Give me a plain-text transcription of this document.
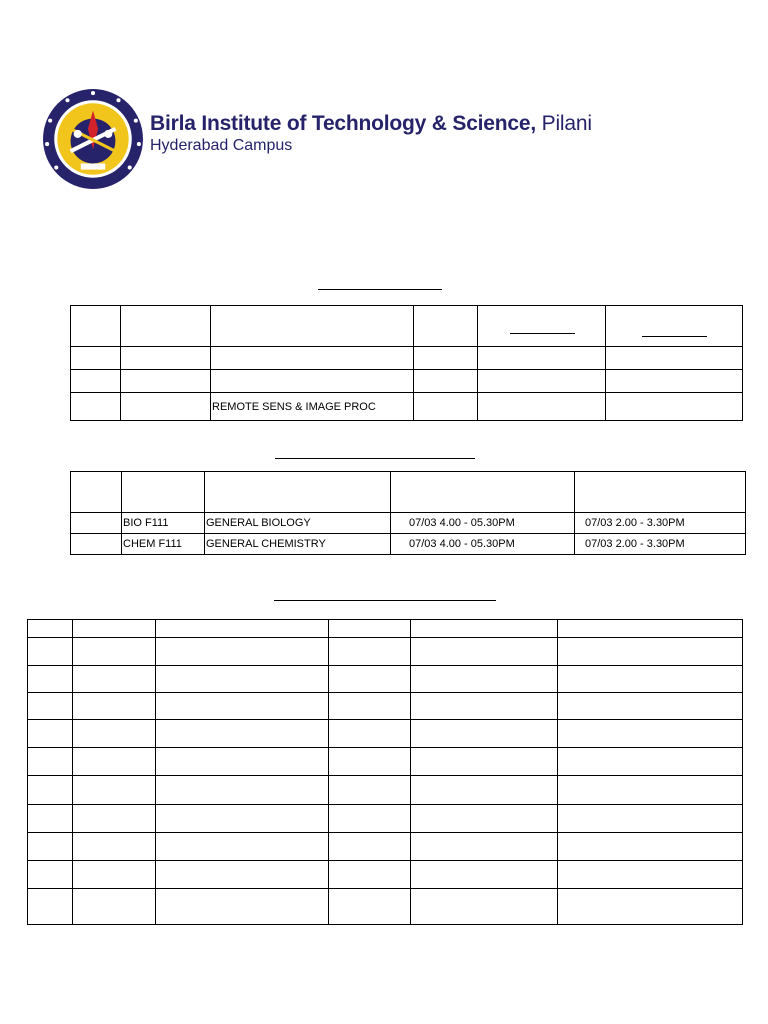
Birla Institute of Technology & Science, Pilani
Hyderabad Campus

		REMOTE SENS & IMAGE PROC			

	BIO F111	GENERAL BIOLOGY	07/03 4.00 - 05.30PM	07/03 2.00 - 3.30PM
	CHEM F111	GENERAL CHEMISTRY	07/03 4.00 - 05.30PM	07/03 2.00 - 3.30PM
